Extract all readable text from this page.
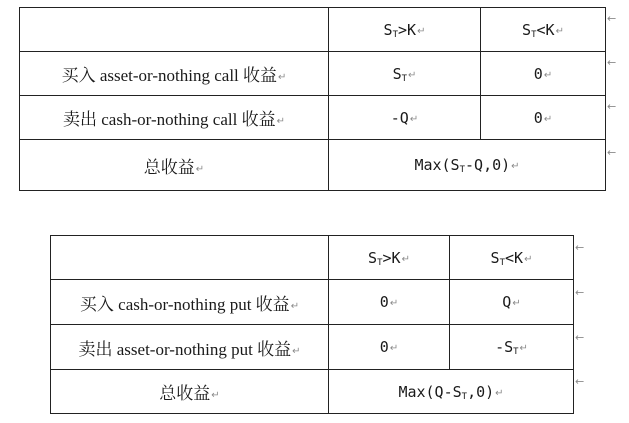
	$S_T>K↵$	$S_T<K↵$
买入 asset-or-nothing call 收益↵	$S_T↵$	0↵
卖出 cash-or-nothing call 收益↵	-Q↵	0↵
总收益↵	$Max(S_T-Q,0)↵$	
←
←
←
←
	$S_T>K↵$	$S_T<K↵$
买入 cash-or-nothing put 收益↵	0↵	Q↵
卖出 asset-or-nothing put 收益↵	0↵	$-S_T↵$
总收益↵	$Max(Q-S_T,0)↵$	
←
←
←
←
